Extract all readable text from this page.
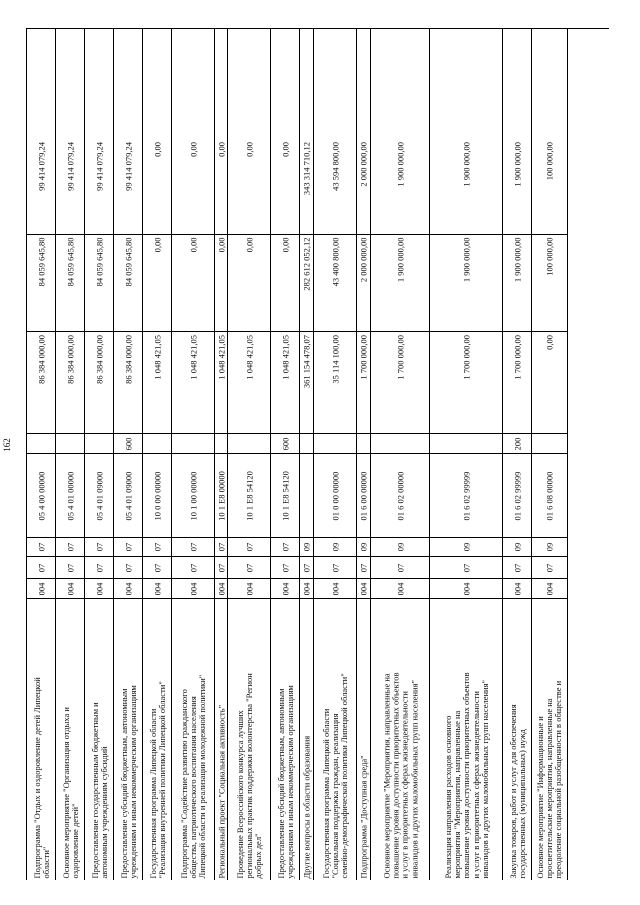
162
Подпрограмма "Отдых и оздоровление детей Липецкой области"
004
07
07
05 4 00 00000
86 384 000,00
84 059 645,80
99 414 079,24
Основное мероприятие "Организация отдыха и оздоровление детей"
004
07
07
05 4 01 00000
86 384 000,00
84 059 645,80
99 414 079,24
Предоставление государственным бюджетным и автономным учреждениям субсидий
004
07
07
05 4 01 09000
86 384 000,00
84 059 645,80
99 414 079,24
Предоставление субсидий бюджетным, автономным учреждениям и иным некоммерческим организациям
004
07
07
05 4 01 09000
600
86 384 000,00
84 059 645,80
99 414 079,24
Государственная программа Липецкой области "Реализация внутренней политики Липецкой области"
004
07
07
10 0 00 00000
1 048 421,05
0,00
0,00
Подпрограмма "Содействие развитию гражданского общества, патриотического воспитания населения Липецкой области и реализации молодежной политики"
004
07
07
10 1 00 00000
1 048 421,05
0,00
0,00
Региональный проект "Социальная активность"
004
07
07
10 1 E8 00000
1 048 421,05
0,00
0,00
Проведение Всероссийского конкурса лучших региональных практик поддержки волонтерства "Регион добрых дел"
004
07
07
10 1 E8 54120
1 048 421,05
0,00
0,00
Предоставление субсидий бюджетным, автономным учреждениям и иным некоммерческим организациям
004
07
07
10 1 E8 54120
600
1 048 421,05
0,00
0,00
Другие вопросы в области образования
004
07
09
361 154 478,07
282 612 052,12
343 314 710,12
Государственная программа Липецкой области "Социальная поддержка граждан, реализация семейно-демографической политики Липецкой области"
004
07
09
01 0 00 00000
35 114 100,00
43 400 800,00
43 594 800,00
Подпрограмма "Доступная среда"
004
07
09
01 6 00 00000
1 700 000,00
2 000 000,00
2 000 000,00
Основное мероприятие "Мероприятия, направленные на повышение уровня доступности приоритетных объектов и услуг в приоритетных сферах жизнедеятельности инвалидов и других маломобильных групп населения"
004
07
09
01 6 02 00000
1 700 000,00
1 900 000,00
1 900 000,00
Реализация направления расходов основного мероприятия "Мероприятия, направленные на повышение уровня доступности приоритетных объектов и услуг в приоритетных сферах жизнедеятельности инвалидов и других маломобильных групп населения"
004
07
09
01 6 02 99999
1 700 000,00
1 900 000,00
1 900 000,00
Закупка товаров, работ и услуг для обеспечения государственных (муниципальных) нужд
004
07
09
01 6 02 99999
200
1 700 000,00
1 900 000,00
1 900 000,00
Основное мероприятие "Информационные и просветительские мероприятия, направленные на преодоление социальной разобщенности в обществе и
004
07
09
01 6 08 00000
0,00
100 000,00
100 000,00
